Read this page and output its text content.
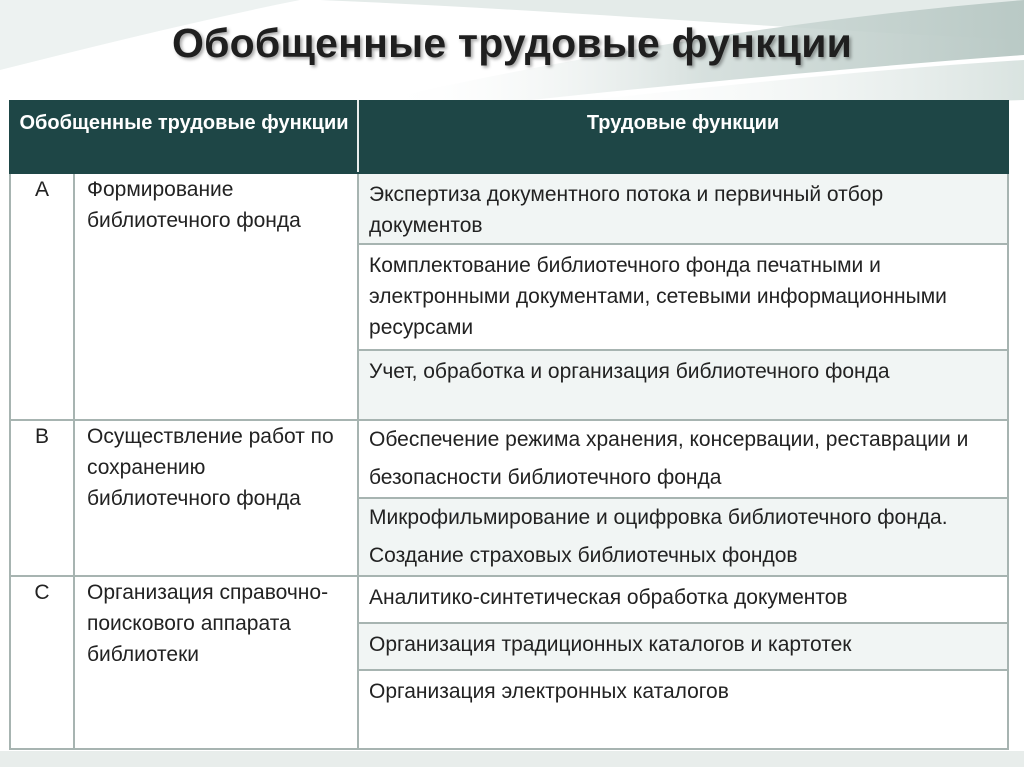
Обобщенные трудовые функции
Обобщенные трудовые функции		Трудовые функции
A	Формирование библиотечного фонда	Экспертиза документного потока и первичный отбор документов
		Комплектование библиотечного фонда печатными и электронными документами, сетевыми информационными ресурсами
		Учет, обработка и организация библиотечного фонда
B	Осуществление работ по сохранению библиотечного фонда	Обеспечение режима хранения, консервации, реставрации и безопасности библиотечного фонда
		Микрофильмирование и оцифровка библиотечного фонда. Создание страховых библиотечных фондов
C	Организация справочно-поискового аппарата библиотеки	Аналитико-синтетическая обработка документов
		Организация традиционных каталогов и картотек
		Организация электронных каталогов
